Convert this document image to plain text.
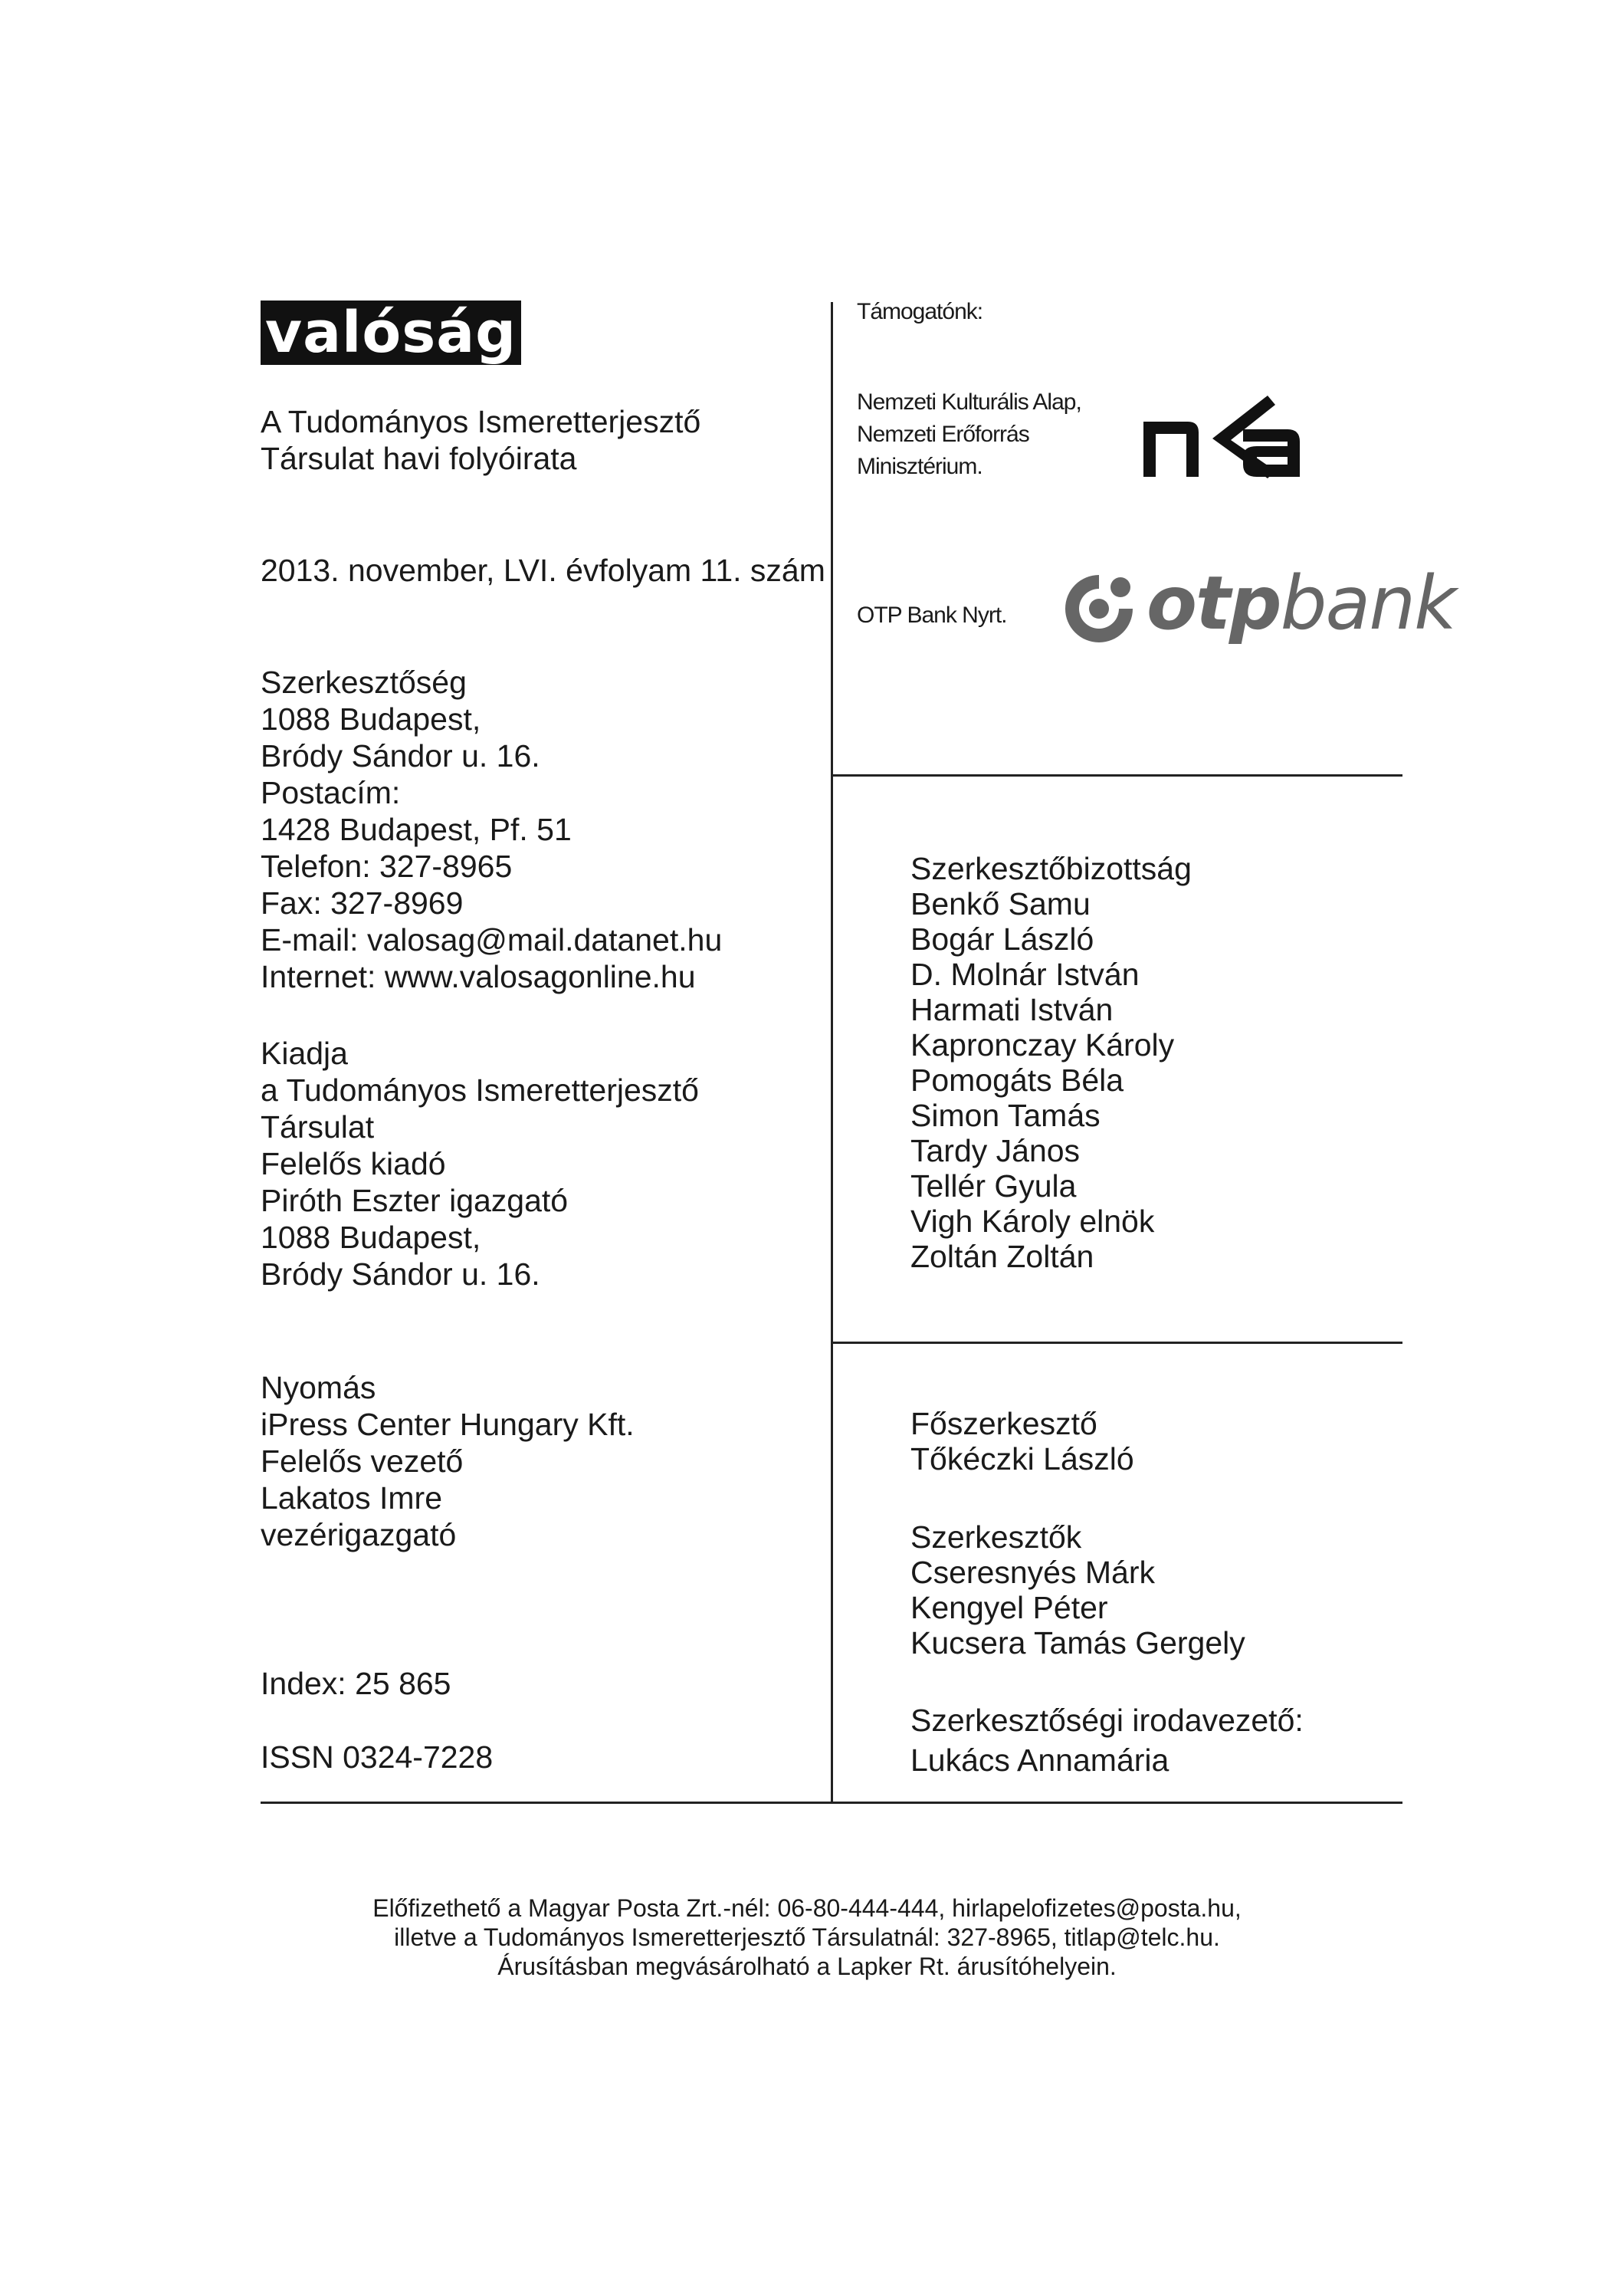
valóság
A Tudományos Ismeretterjesztő
Társulat havi folyóirata
2013. november, LVI. évfolyam 11. szám
Szerkesztőség
1088 Budapest,
Bródy Sándor u. 16.
Postacím:
1428 Budapest, Pf. 51
Telefon: 327-8965
Fax: 327-8969
E-mail: valosag@mail.datanet.hu
Internet: www.valosagonline.hu
Kiadja
a Tudományos Ismeretterjesztő
Társulat
Felelős kiadó
Piróth Eszter igazgató
1088 Budapest,
Bródy Sándor u. 16.
Nyomás
iPress Center Hungary Kft.
Felelős vezető
Lakatos Imre
vezérigazgató
Index: 25 865
ISSN 0324-7228
Támogatónk:
Nemzeti Kulturális Alap,
Nemzeti Erőforrás
Minisztérium.
OTP Bank Nyrt. otpbank
Szerkesztőbizottság
Benkő Samu
Bogár László
D. Molnár István
Harmati István
Kapronczay Károly
Pomogáts Béla
Simon Tamás
Tardy János
Tellér Gyula
Vigh Károly elnök
Zoltán Zoltán
Főszerkesztő
Tőkéczki László
Szerkesztők
Cseresnyés Márk
Kengyel Péter
Kucsera Tamás Gergely
Szerkesztőségi irodavezető:
Lukács Annamária
Előfizethető a Magyar Posta Zrt.-nél: 06-80-444-444, hirlapelofizetes@posta.hu,
illetve a Tudományos Ismeretterjesztő Társulatnál: 327-8965, titlap@telc.hu.
Árusításban megvásárolható a Lapker Rt. árusítóhelyein.
